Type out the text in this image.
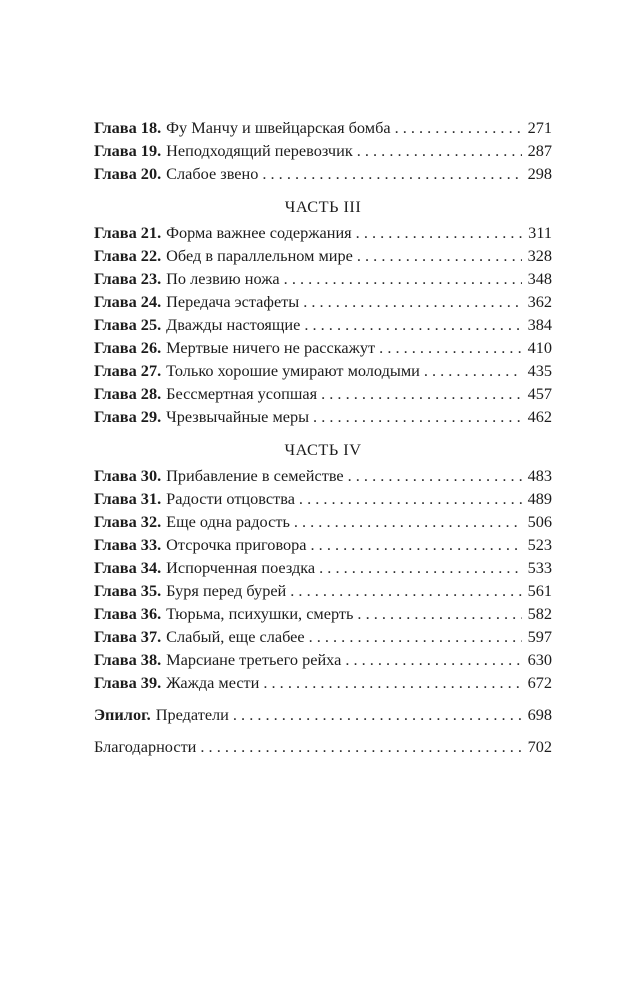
Глава 18. Фу Манчу и швейцарская бомба . . .	271
Глава 19. Неподходящий перевозчик . . .	287
Глава 20. Слабое звено . . .	298
ЧАСТЬ III
Глава 21. Форма важнее содержания . . .	311
Глава 22. Обед в параллельном мире . . .	328
Глава 23. По лезвию ножа . . .	348
Глава 24. Передача эстафеты . . .	362
Глава 25. Дважды настоящие . . .	384
Глава 26. Мертвые ничего не расскажут . . .	410
Глава 27. Только хорошие умирают молодыми . . .	435
Глава 28. Бессмертная усопшая . . .	457
Глава 29. Чрезвычайные меры . . .	462
ЧАСТЬ IV
Глава 30. Прибавление в семействе . . .	483
Глава 31. Радости отцовства . . .	489
Глава 32. Еще одна радость . . .	506
Глава 33. Отсрочка приговора . . .	523
Глава 34. Испорченная поездка . . .	533
Глава 35. Буря перед бурей . . .	561
Глава 36. Тюрьма, психушки, смерть . . .	582
Глава 37. Слабый, еще слабее . . .	597
Глава 38. Марсиане третьего рейха . . .	630
Глава 39. Жажда мести . . .	672
Эпилог. Предатели . . .	698
Благодарности . . .	702
